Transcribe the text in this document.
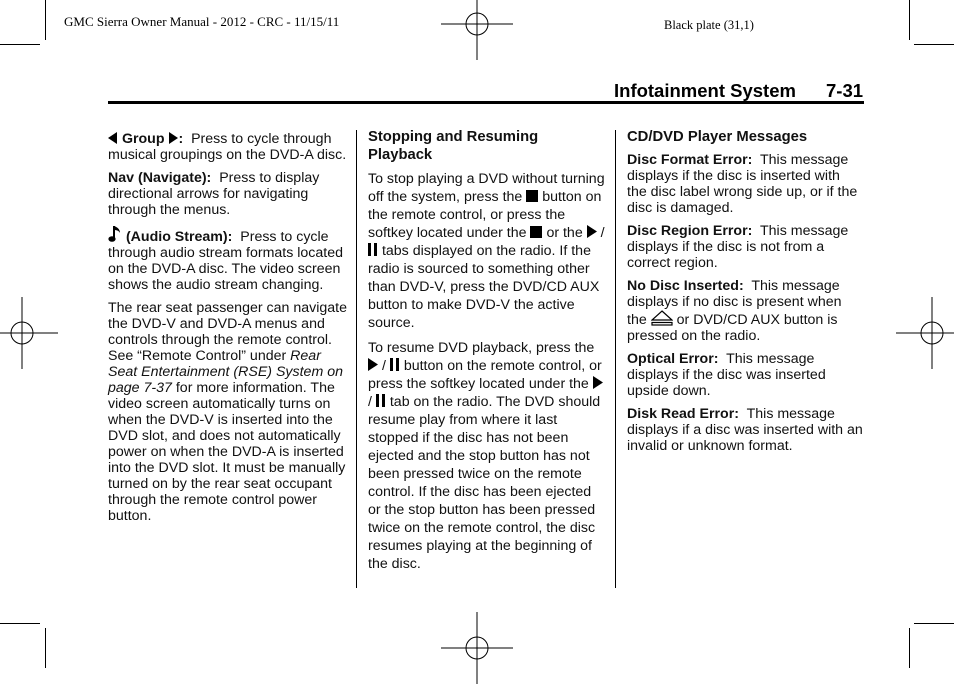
GMC Sierra Owner Manual - 2012 - CRC - 11/15/11	Black plate (31,1)
Infotainment System 7-31

Group : Press to cycle through musical groupings on the DVD-A disc.

Nav (Navigate): Press to display directional arrows for navigating through the menus.

(Audio Stream): Press to cycle through audio stream formats located on the DVD-A disc. The video screen shows the audio stream changing.

The rear seat passenger can navigate the DVD-V and DVD-A menus and controls through the remote control. See “Remote Control” under Rear Seat Entertainment (RSE) System on page 7-37 for more information. The video screen automatically turns on when the DVD-V is inserted into the DVD slot, and does not automatically power on when the DVD-A is inserted into the DVD slot. It must be manually turned on by the rear seat occupant through the remote control power button.

Stopping and Resuming Playback

To stop playing a DVD without turning off the system, press the button on the remote control, or press the softkey located under the or the /  tabs displayed on the radio. If the radio is sourced to something other than DVD-V, press the DVD/CD AUX button to make DVD-V the active source.

To resume DVD playback, press the  / button on the remote control, or press the softkey located under the  / tab on the radio. The DVD should resume play from where it last stopped if the disc has not been ejected and the stop button has not been pressed twice on the remote control. If the disc has been ejected or the stop button has been pressed twice on the remote control, the disc resumes playing at the beginning of the disc.

CD/DVD Player Messages

Disc Format Error: This message displays if the disc is inserted with the disc label wrong side up, or if the disc is damaged.

Disc Region Error: This message displays if the disc is not from a correct region.

No Disc Inserted: This message displays if no disc is present when the or DVD/CD AUX button is pressed on the radio.

Optical Error: This message displays if the disc was inserted upside down.

Disk Read Error: This message displays if a disc was inserted with an invalid or unknown format.
